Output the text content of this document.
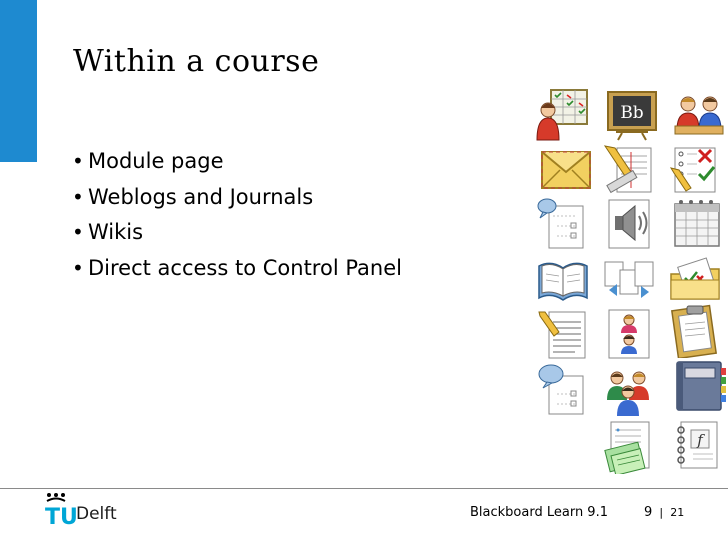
Within a course
• Module page
• Weblogs and Journals
• Wikis
• Direct access to Control Panel
Bb
f
TU
Delft	Blackboard Learn 9.1	9 | 21
